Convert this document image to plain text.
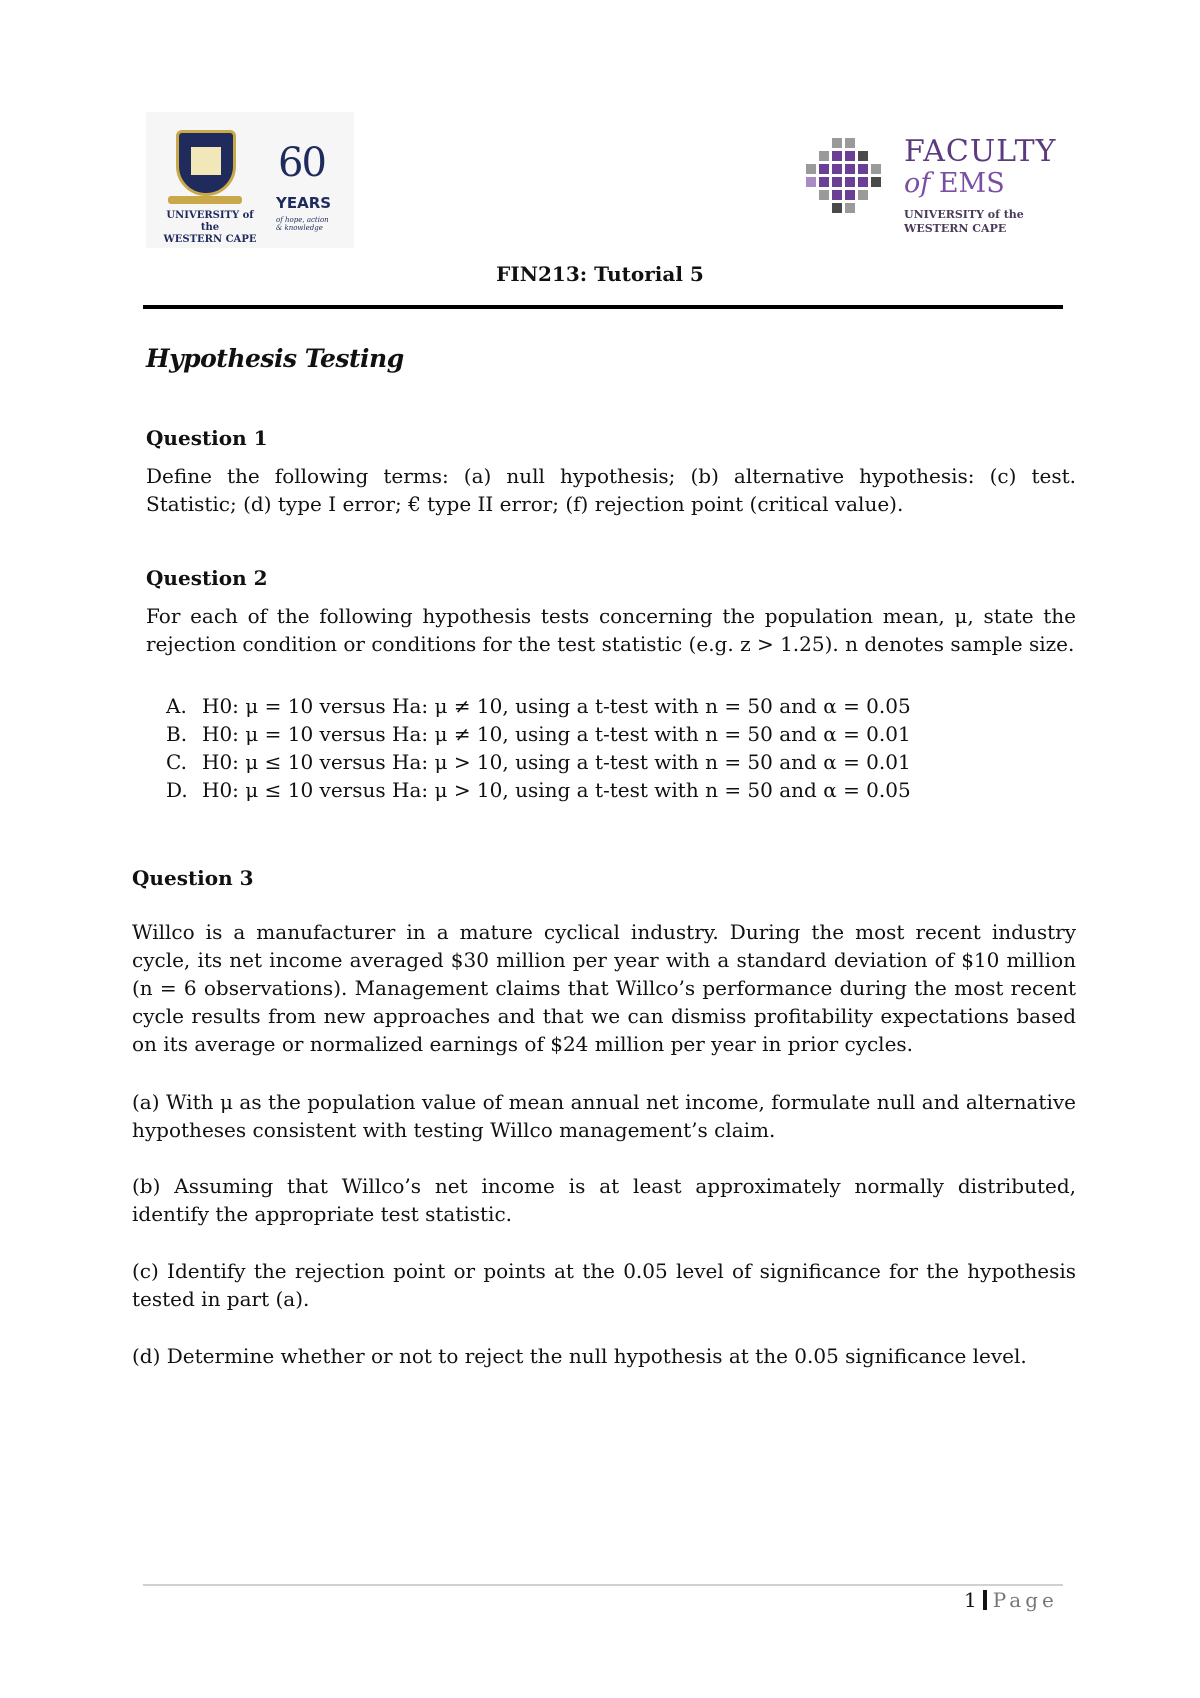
UNIVERSITY of the
WESTERN CAPE
60
YEARS
of hope, action & knowledge
FACULTY
of EMS
UNIVERSITY of the
WESTERN CAPE
FIN213: Tutorial 5
Hypothesis Testing
Question 1
Define the following terms: (a) null hypothesis; (b) alternative hypothesis: (c) test. Statistic; (d) type I error; € type II error; (f) rejection point (critical value).
Question 2
For each of the following hypothesis tests concerning the population mean, μ, state the rejection condition or conditions for the test statistic (e.g. z > 1.25). n denotes sample size.
A. H0: μ = 10 versus Ha: μ ≠ 10, using a t-test with n = 50 and α = 0.05
B. H0: μ = 10 versus Ha: μ ≠ 10, using a t-test with n = 50 and α = 0.01
C. H0: μ ≤ 10 versus Ha: μ > 10, using a t-test with n = 50 and α = 0.01
D. H0: μ ≤ 10 versus Ha: μ > 10, using a t-test with n = 50 and α = 0.05
Question 3
Willco is a manufacturer in a mature cyclical industry. During the most recent industry cycle, its net income averaged $30 million per year with a standard deviation of $10 million (n = 6 observations). Management claims that Willco’s performance during the most recent cycle results from new approaches and that we can dismiss profitability expectations based on its average or normalized earnings of $24 million per year in prior cycles.
(a) With μ as the population value of mean annual net income, formulate null and alternative hypotheses consistent with testing Willco management’s claim.
(b) Assuming that Willco’s net income is at least approximately normally distributed, identify the appropriate test statistic.
(c) Identify the rejection point or points at the 0.05 level of significance for the hypothesis tested in part (a).
(d) Determine whether or not to reject the null hypothesis at the 0.05 significance level.
1 Page
